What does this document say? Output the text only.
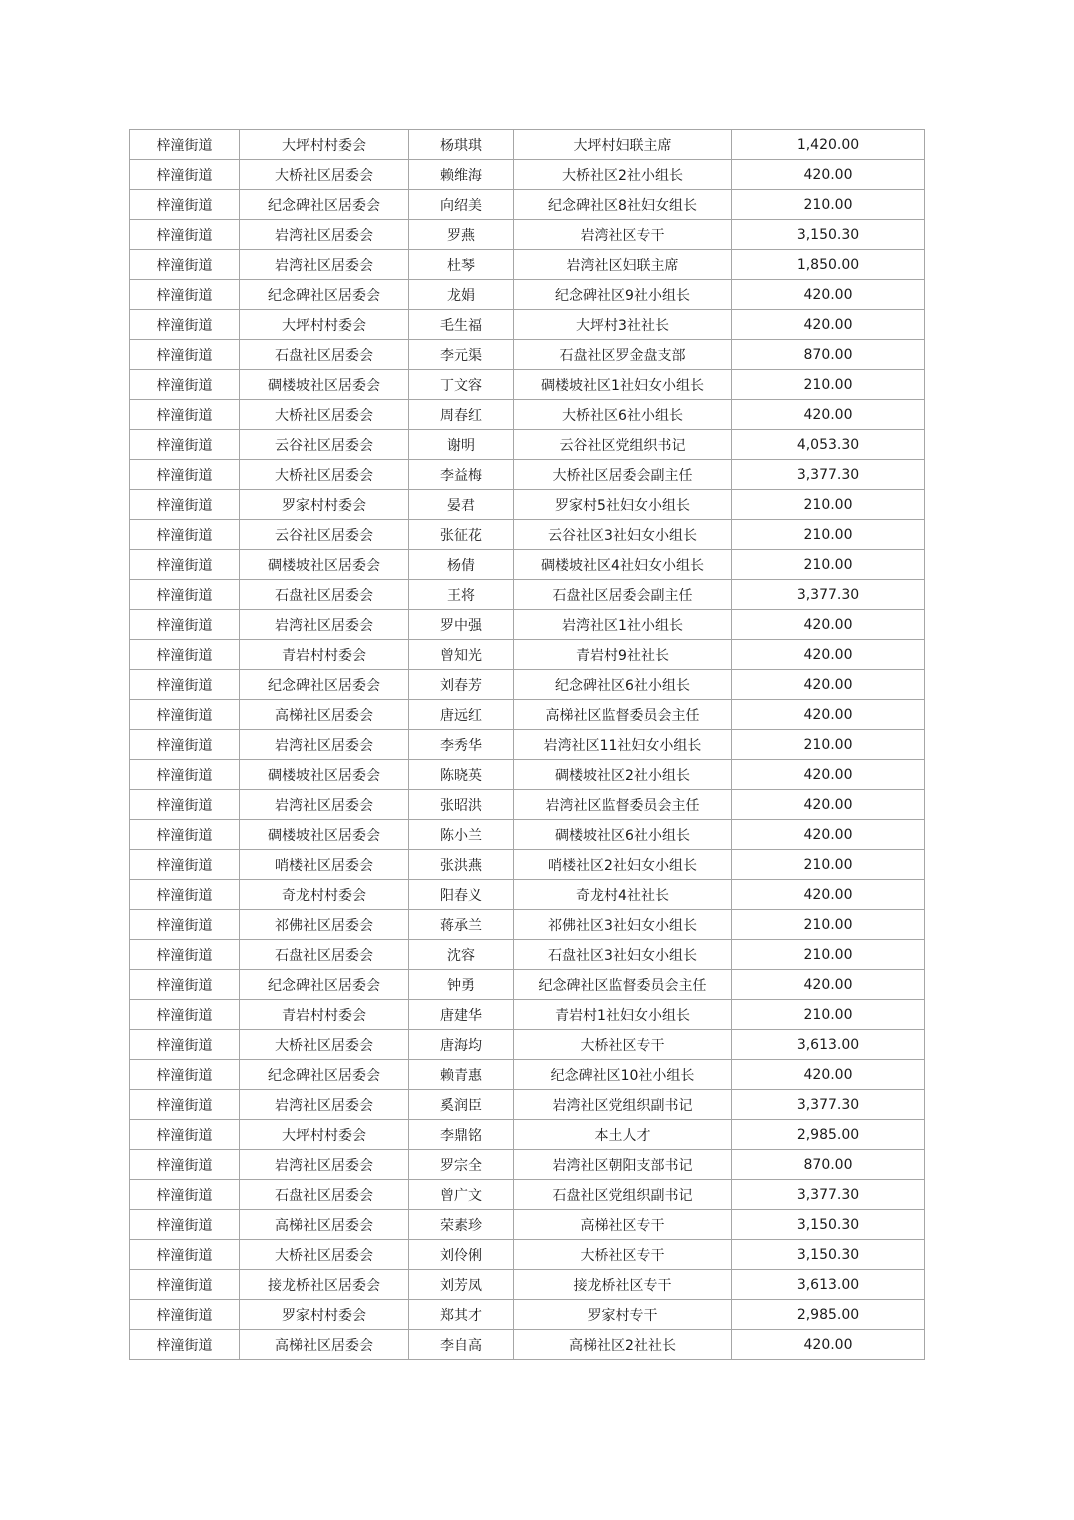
梓潼街道	大坪村村委会	杨琪琪	大坪村妇联主席	1,420.00
梓潼街道	大桥社区居委会	赖维海	大桥社区2社小组长	420.00
梓潼街道	纪念碑社区居委会	向绍美	纪念碑社区8社妇女组长	210.00
梓潼街道	岩湾社区居委会	罗燕	岩湾社区专干	3,150.30
梓潼街道	岩湾社区居委会	杜琴	岩湾社区妇联主席	1,850.00
梓潼街道	纪念碑社区居委会	龙娟	纪念碑社区9社小组长	420.00
梓潼街道	大坪村村委会	毛生福	大坪村3社社长	420.00
梓潼街道	石盘社区居委会	李元渠	石盘社区罗金盘支部	870.00
梓潼街道	碉楼坡社区居委会	丁文容	碉楼坡社区1社妇女小组长	210.00
梓潼街道	大桥社区居委会	周春红	大桥社区6社小组长	420.00
梓潼街道	云谷社区居委会	谢明	云谷社区党组织书记	4,053.30
梓潼街道	大桥社区居委会	李益梅	大桥社区居委会副主任	3,377.30
梓潼街道	罗家村村委会	晏君	罗家村5社妇女小组长	210.00
梓潼街道	云谷社区居委会	张征花	云谷社区3社妇女小组长	210.00
梓潼街道	碉楼坡社区居委会	杨倩	碉楼坡社区4社妇女小组长	210.00
梓潼街道	石盘社区居委会	王将	石盘社区居委会副主任	3,377.30
梓潼街道	岩湾社区居委会	罗中强	岩湾社区1社小组长	420.00
梓潼街道	青岩村村委会	曾知光	青岩村9社社长	420.00
梓潼街道	纪念碑社区居委会	刘春芳	纪念碑社区6社小组长	420.00
梓潼街道	高梯社区居委会	唐远红	高梯社区监督委员会主任	420.00
梓潼街道	岩湾社区居委会	李秀华	岩湾社区11社妇女小组长	210.00
梓潼街道	碉楼坡社区居委会	陈晓英	碉楼坡社区2社小组长	420.00
梓潼街道	岩湾社区居委会	张昭洪	岩湾社区监督委员会主任	420.00
梓潼街道	碉楼坡社区居委会	陈小兰	碉楼坡社区6社小组长	420.00
梓潼街道	哨楼社区居委会	张洪燕	哨楼社区2社妇女小组长	210.00
梓潼街道	奇龙村村委会	阳春义	奇龙村4社社长	420.00
梓潼街道	祁佛社区居委会	蒋承兰	祁佛社区3社妇女小组长	210.00
梓潼街道	石盘社区居委会	沈容	石盘社区3社妇女小组长	210.00
梓潼街道	纪念碑社区居委会	钟勇	纪念碑社区监督委员会主任	420.00
梓潼街道	青岩村村委会	唐建华	青岩村1社妇女小组长	210.00
梓潼街道	大桥社区居委会	唐海均	大桥社区专干	3,613.00
梓潼街道	纪念碑社区居委会	赖青惠	纪念碑社区10社小组长	420.00
梓潼街道	岩湾社区居委会	奚润臣	岩湾社区党组织副书记	3,377.30
梓潼街道	大坪村村委会	李鼎铭	本土人才	2,985.00
梓潼街道	岩湾社区居委会	罗宗全	岩湾社区朝阳支部书记	870.00
梓潼街道	石盘社区居委会	曾广文	石盘社区党组织副书记	3,377.30
梓潼街道	高梯社区居委会	荣素珍	高梯社区专干	3,150.30
梓潼街道	大桥社区居委会	刘伶俐	大桥社区专干	3,150.30
梓潼街道	接龙桥社区居委会	刘芳凤	接龙桥社区专干	3,613.00
梓潼街道	罗家村村委会	郑其才	罗家村专干	2,985.00
梓潼街道	高梯社区居委会	李自高	高梯社区2社社长	420.00
